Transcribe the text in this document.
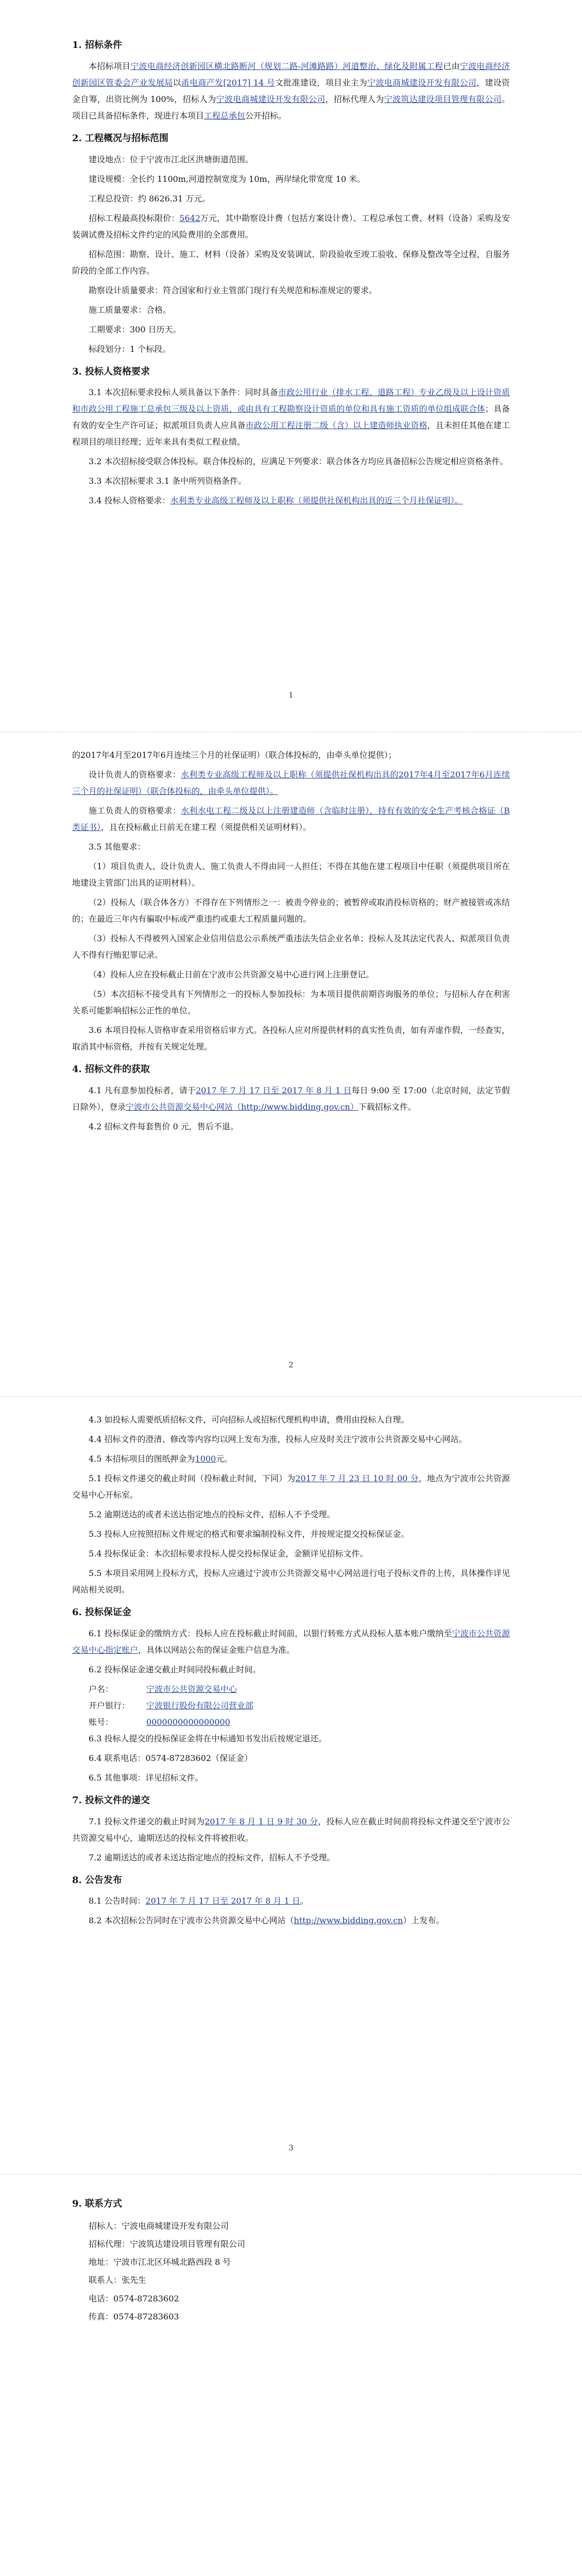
1. 招标条件

本招标项目宁波电商经济创新园区横北路断河（规划二路-河滩路路）河道整治、绿化及附属工程已由宁波电商经济创新园区管委会产业发展局以甬电商产发[2017] 14 号文批准建设，项目业主为宁波电商城建设开发有限公司，建设资金自筹，出资比例为 100%，招标人为宁波电商城建设开发有限公司，招标代理人为宁波筑达建设项目管理有限公司。项目已具备招标条件，现进行本项目工程总承包公开招标。

2. 工程概况与招标范围

建设地点：位于宁波市江北区洪塘街道范围。

建设规模：全长约 1100m,河道控制宽度为 10m，两岸绿化带宽度 10 米。

工程总投资：约 8626.31 万元。

招标工程最高投标限价：5642万元，其中勘察设计费（包括方案设计费）、工程总承包工费、材料（设备）采购及安装调试费及招标文件约定的风险费用的全部费用。

招标范围：勘察、设计、施工、材料（设备）采购及安装调试、阶段验收至竣工验收、保修及整改等全过程，自服务阶段的全部工作内容。

勘察设计质量要求：符合国家和行业主管部门现行有关规范和标准规定的要求。

施工质量要求：合格。

工期要求：300 日历天。

标段划分：1 个标段。

3. 投标人资格要求

3.1 本次招标要求投标人须具备以下条件：同时具备市政公用行业（排水工程、道路工程）专业乙级及以上设计资质和市政公用工程施工总承包三级及以上资质，或由具有工程勘察设计资质的单位和具有施工资质的单位组成联合体；具备有效的安全生产许可证；拟派项目负责人应具备市政公用工程注册二级（含）以上建造师执业资格，且未担任其他在建工程项目的项目经理；近年来具有类似工程业绩。

3.2 本次招标接受联合体投标。联合体投标的，应满足下列要求：联合体各方均应具备招标公告规定相应资格条件。

3.3 本次招标要求 3.1 条中所列资格条件。

3.4 投标人资格要求：水利类专业高级工程师及以上职称（须提供社保机构出具的近三个月社保证明）。

1

的2017年4月至2017年6月连续三个月的社保证明）（联合体投标的，由牵头单位提供）；

设计负责人的资格要求：水利类专业高级工程师及以上职称（须提供社保机构出具的2017年4月至2017年6月连续三个月的社保证明）（联合体投标的，由牵头单位提供）。

施工负责人的资格要求：水利水电工程二级及以上注册建造师（含临时注册），持有有效的安全生产考核合格证（B类证书），且在投标截止日前无在建工程（须提供相关证明材料）。

3.5 其他要求：

（1）项目负责人、设计负责人、施工负责人不得由同一人担任；不得在其他在建工程项目中任职（须提供项目所在地建设主管部门出具的证明材料）。

（2）投标人（联合体各方）不得存在下列情形之一：被责令停业的；被暂停或取消投标资格的；财产被接管或冻结的；在最近三年内有骗取中标或严重违约或重大工程质量问题的。

（3）投标人不得被列入国家企业信用信息公示系统严重违法失信企业名单；投标人及其法定代表人、拟派项目负责人不得有行贿犯罪记录。

（4）投标人应在投标截止日前在宁波市公共资源交易中心进行网上注册登记。

（5）本次招标不接受具有下列情形之一的投标人参加投标：为本项目提供前期咨询服务的单位；与招标人存在利害关系可能影响招标公正性的单位。

3.6 本项目投标人资格审查采用资格后审方式。各投标人应对所提供材料的真实性负责，如有弄虚作假，一经查实，取消其中标资格，并按有关规定处理。

4. 招标文件的获取

4.1 凡有意参加投标者，请于2017 年 7 月 17 日至 2017 年 8 月 1 日每日 9:00 至 17:00（北京时间，法定节假日除外），登录宁波市公共资源交易中心网站（http://www.bidding.gov.cn）下载招标文件。

4.2 招标文件每套售价 0 元，售后不退。

2

4.3 如投标人需要纸质招标文件，可向招标人或招标代理机构申请，费用由投标人自理。

4.4 招标文件的澄清、修改等内容均以网上发布为准，投标人应及时关注宁波市公共资源交易中心网站。

4.5 本招标项目的图纸押金为1000元。

5.1 投标文件递交的截止时间（投标截止时间，下同）为2017 年 7 月 23 日 10 时 00 分，地点为宁波市公共资源交易中心开标室。

5.2 逾期送达的或者未送达指定地点的投标文件，招标人不予受理。

5.3 投标人应按照招标文件规定的格式和要求编制投标文件，并按规定提交投标保证金。

5.4 投标保证金：本次招标要求投标人提交投标保证金，金额详见招标文件。

5.5 本项目采用网上投标方式，投标人应通过宁波市公共资源交易中心网站进行电子投标文件的上传，具体操作详见网站相关说明。

6. 投标保证金

6.1 投标保证金的缴纳方式：投标人应在投标截止时间前，以银行转账方式从投标人基本账户缴纳至宁波市公共资源交易中心指定账户，具体以网站公布的保证金账户信息为准。

6.2 投标保证金递交截止时间同投标截止时间。

户名：	宁波市公共资源交易中心
开户银行：	宁波银行股份有限公司营业部
账号：	0000000000000000

6.3 投标人提交的投标保证金将在中标通知书发出后按规定退还。

6.4 联系电话：0574-87283602（保证金）

6.5 其他事项：详见招标文件。

7. 投标文件的递交

7.1 投标文件递交的截止时间为2017 年 8 月 1 日 9 时 30 分，投标人应在截止时间前将投标文件递交至宁波市公共资源交易中心，逾期送达的投标文件将被拒收。

7.2 逾期送达的或者未送达指定地点的投标文件，招标人不予受理。

8. 公告发布

8.1 公告时间：2017 年 7 月 17 日至 2017 年 8 月 1 日。

8.2 本次招标公告同时在宁波市公共资源交易中心网站（http://www.bidding.gov.cn）上发布。

3
9. 联系方式
招标人：宁波电商城建设开发有限公司
招标代理：宁波筑达建设项目管理有限公司
地址：宁波市江北区环城北路西段 8 号
联系人：张先生
电话：0574-87283602
传真：0574-87283603
